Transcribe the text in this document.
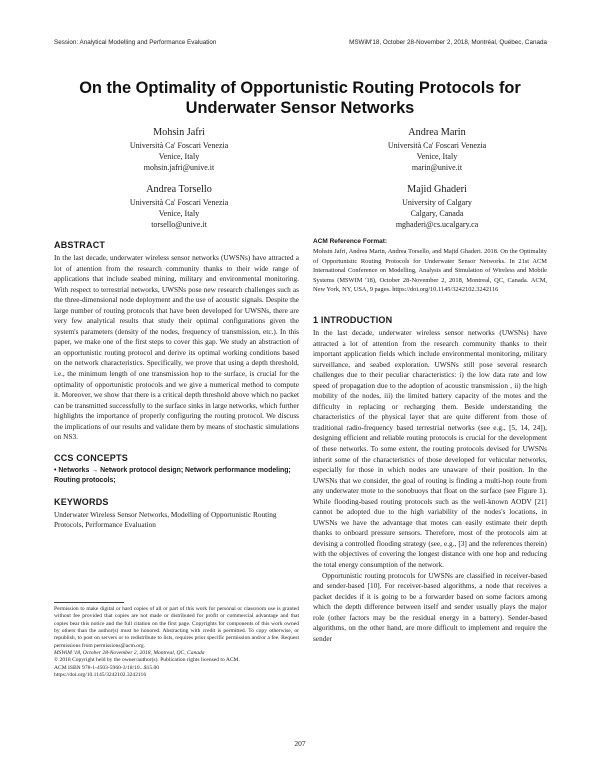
Session: Analytical Modelling and Performance Evaluation	MSWiM'18, October 28-November 2, 2018, Montréal, Québec, Canada
On the Optimality of Opportunistic Routing Protocols for Underwater Sensor Networks
Mohsin Jafri
Università Ca' Foscari Venezia
Venice, Italy
mohsin.jafri@unive.it
Andrea Marin
Università Ca' Foscari Venezia
Venice, Italy
marin@unive.it
Andrea Torsello
Università Ca' Foscari Venezia
Venice, Italy
torsello@unive.it
Majid Ghaderi
University of Calgary
Calgary, Canada
mghaderi@cs.ucalgary.ca
ABSTRACT
In the last decade, underwater wireless sensor networks (UWSNs) have attracted a lot of attention from the research community thanks to their wide range of applications that include seabed mining, military and environmental monitoring. With respect to terrestrial networks, UWSNs pose new research challenges such as the three-dimensional node deployment and the use of acoustic signals. Despite the large number of routing protocols that have been developed for UWSNs, there are very few analytical results that study their optimal configurations given the system's parameters (density of the nodes, frequency of transmission, etc.). In this paper, we make one of the first steps to cover this gap. We study an abstraction of an opportunistic routing protocol and derive its optimal working conditions based on the network characteristics. Specifically, we prove that using a depth threshold, i.e., the minimum length of one transmission hop to the surface, is crucial for the optimality of opportunistic protocols and we give a numerical method to compute it. Moreover, we show that there is a critical depth threshold above which no packet can be transmitted successfully to the surface sinks in large networks, which further highlights the importance of properly configuring the routing protocol. We discuss the implications of our results and validate them by means of stochastic simulations on NS3.
CCS CONCEPTS
• Networks → Network protocol design; Network performance modeling; Routing protocols;
KEYWORDS
Underwater Wireless Sensor Networks, Modelling of Opportunistic Routing Protocols, Performance Evaluation
Permission to make digital or hard copies of all or part of this work for personal or classroom use is granted without fee provided that copies are not made or distributed for profit or commercial advantage and that copies bear this notice and the full citation on the first page. Copyrights for components of this work owned by others than the author(s) must be honored. Abstracting with credit is permitted. To copy otherwise, or republish, to post on servers or to redistribute to lists, requires prior specific permission and/or a fee. Request permissions from permissions@acm.org.
MSWiM '18, October 28-November 2, 2018, Montreal, QC, Canada
© 2018 Copyright held by the owner/author(s). Publication rights licensed to ACM.
ACM ISBN 978-1-4503-5960-3/18/10...$15.00
https://doi.org/10.1145/3242102.3242116
ACM Reference Format:
Mohsin Jafri, Andrea Marin, Andrea Torsello, and Majid Ghaderi. 2018. On the Optimality of Opportunistic Routing Protocols for Underwater Sensor Networks. In 21st ACM International Conference on Modelling, Analysis and Simulation of Wireless and Mobile Systems (MSWIM '18), October 28-November 2, 2018, Montreal, QC, Canada. ACM, New York, NY, USA, 9 pages. https://doi.org/10.1145/3242102.3242116
1 INTRODUCTION
In the last decade, underwater wireless sensor networks (UWSNs) have attracted a lot of attention from the research community thanks to their important application fields which include environmental monitoring, military surveillance, and seabed exploration. UWSNs still pose several research challenges due to their peculiar characteristics: i) the low data rate and low speed of propagation due to the adoption of acoustic transmission , ii) the high mobility of the nodes, iii) the limited battery capacity of the motes and the difficulty in replacing or recharging them. Beside understanding the characteristics of the physical layer that are quite different from those of traditional radio-frequency based terrestrial networks (see e.g., [5, 14, 24]), designing efficient and reliable routing protocols is crucial for the development of these networks. To some extent, the routing protocols devised for UWSNs inherit some of the characteristics of those developed for vehicular networks, especially for those in which nodes are unaware of their position. In the UWSNs that we consider, the goal of routing is finding a multi-hop route from any underwater mote to the sonobuoys that float on the surface (see Figure 1). While flooding-based routing protocols such as the well-known AODV [21] cannot be adopted due to the high variability of the nodes's locations, in UWSNs we have the advantage that motes can easily estimate their depth thanks to onboard pressure sensors. Therefore, most of the protocols aim at devising a controlled flooding strategy (see, e.g., [3] and the references therein) with the objectives of covering the longest distance with one hop and reducing the total energy consumption of the network.
Opportunistic routing protocols for UWSNs are classified in receiver-based and sender-based [10]. For receiver-based algorithms, a node that receives a packet decides if it is going to be a forwarder based on some factors among which the depth difference between itself and sender usually plays the major role (other factors may be the residual energy in a battery). Sender-based algorithms, on the other hand, are more difficult to implement and require the sender
207
